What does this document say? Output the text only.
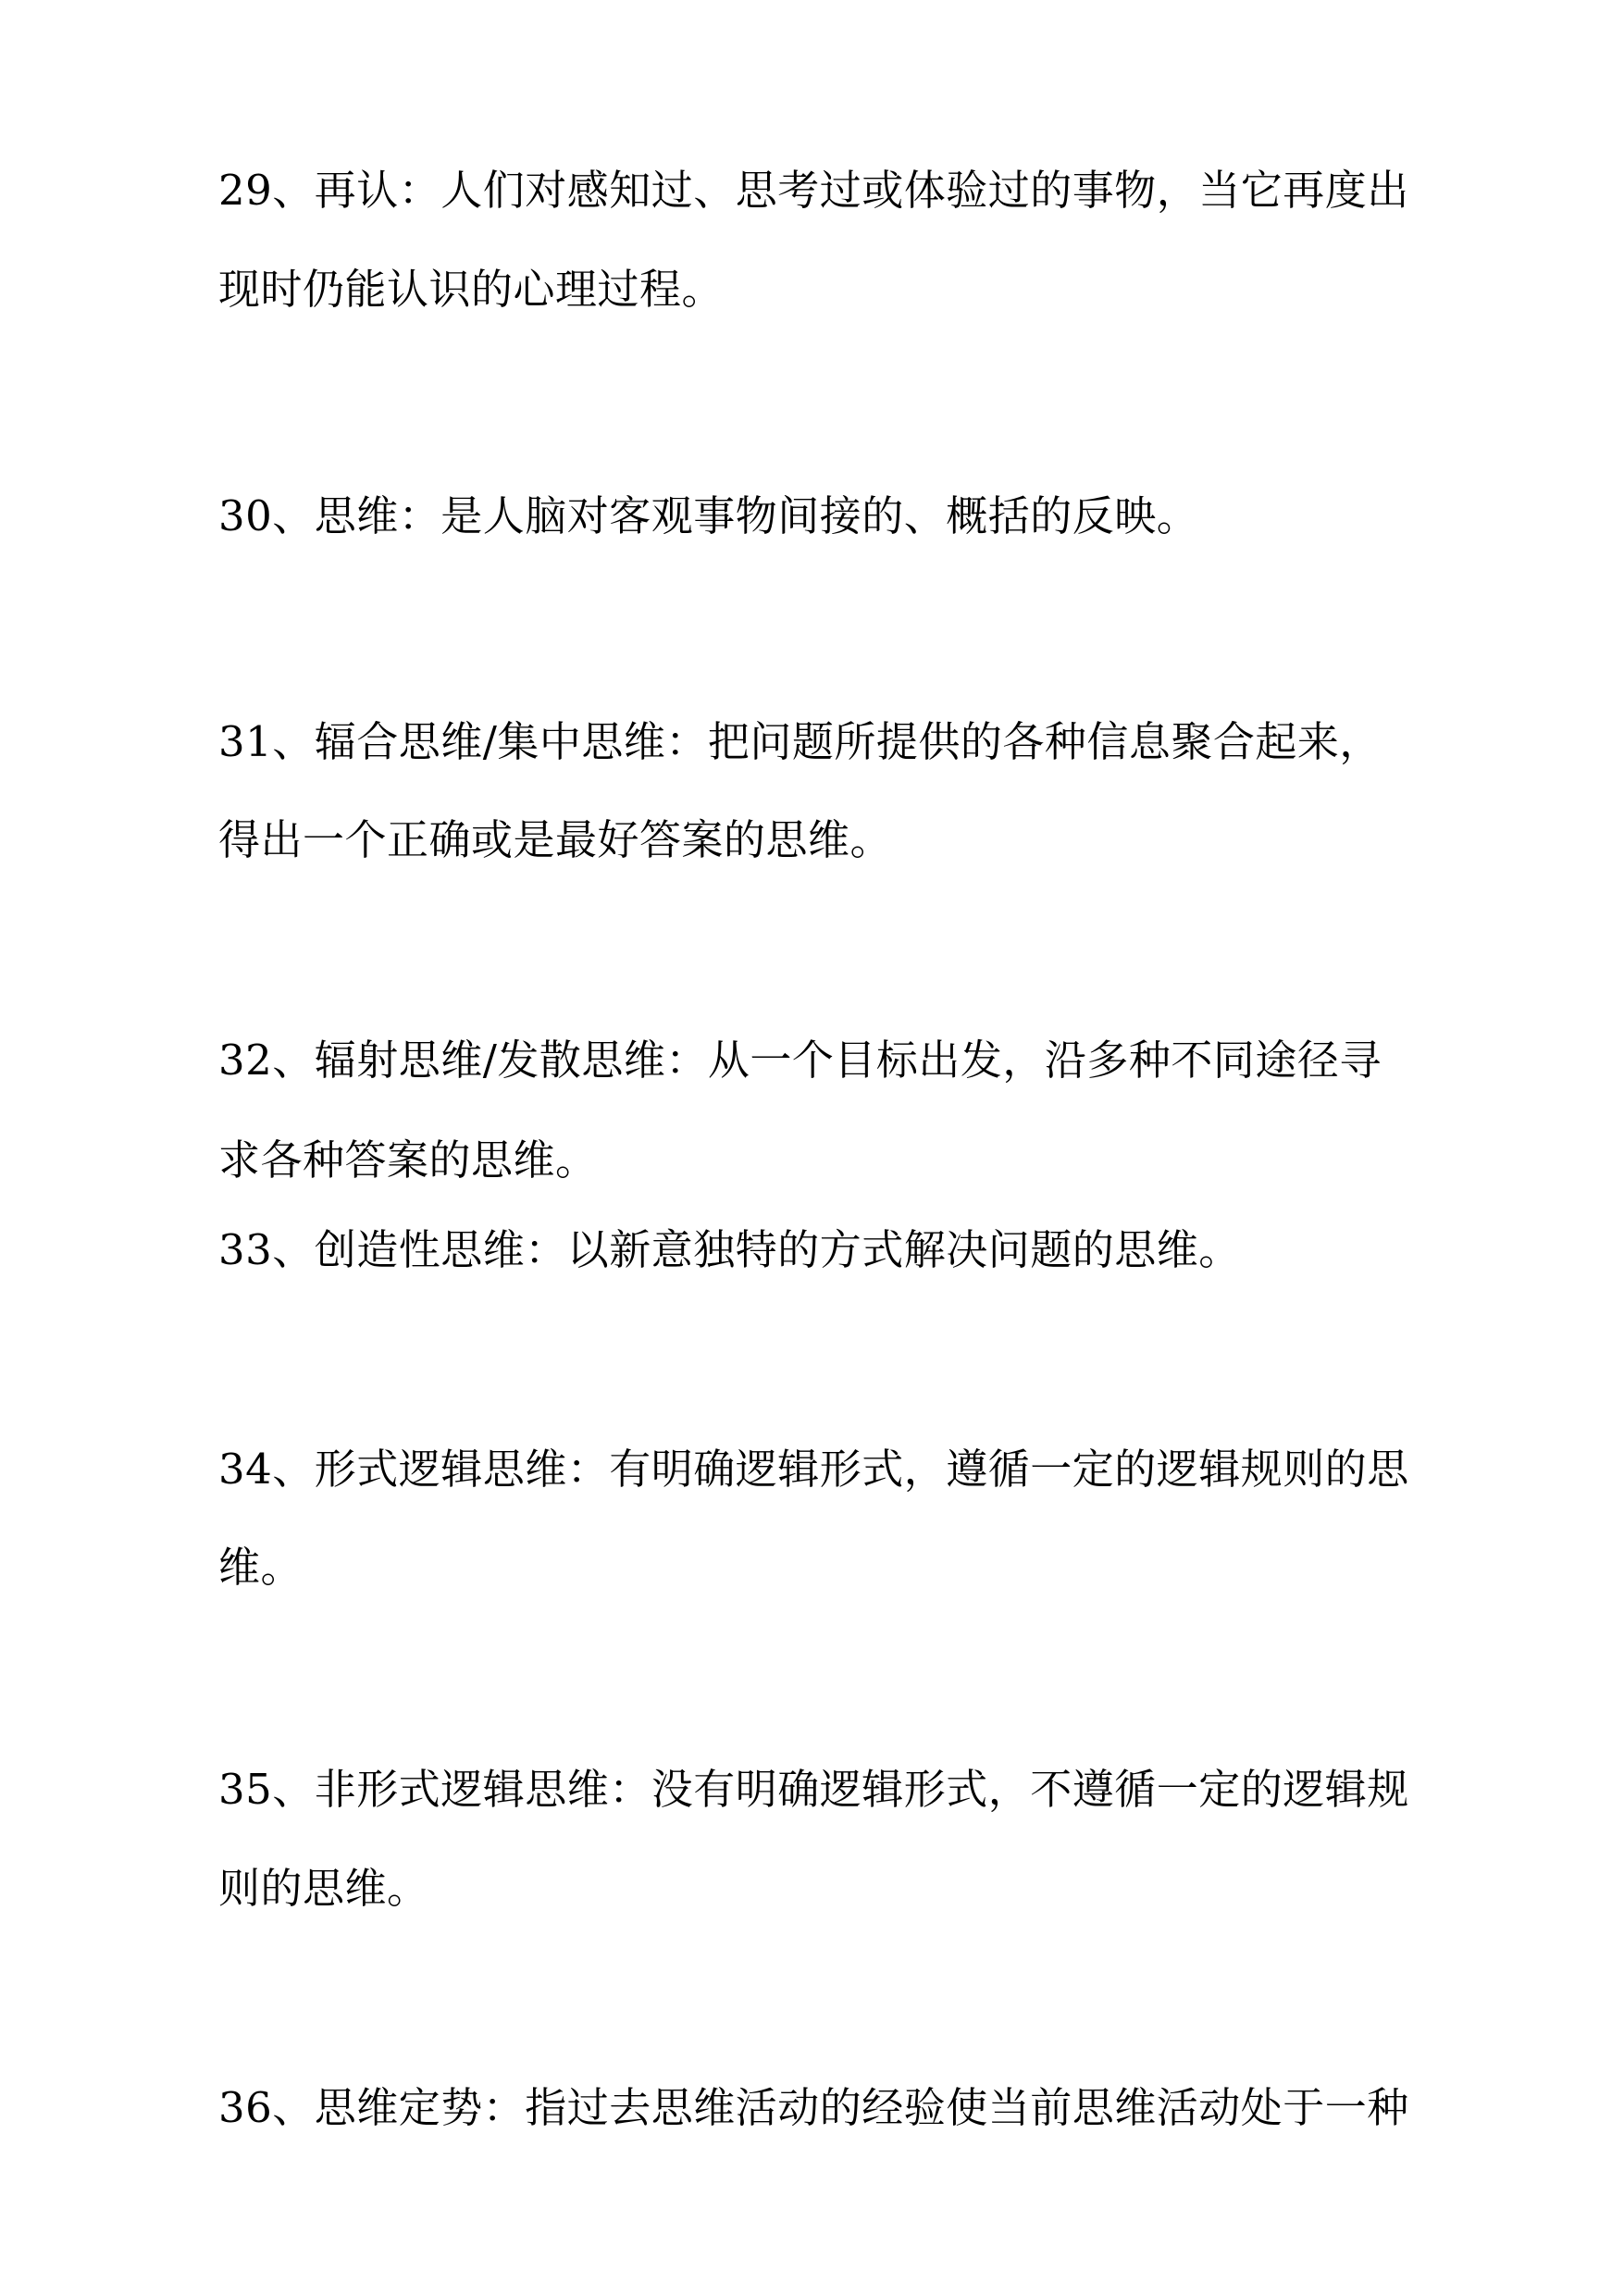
29、再认：人们对感知过、思考过或体验过的事物，当它再度出
现时仍能认识的心理过程。
30、思维：是人脑对客观事物间接的、概括的反映。
31、辐合思维/集中思维：把问题所提供的各种信息聚合起来，
得出一个正确或是最好答案的思维。
32、辐射思维/发散思维：从一个目标出发，沿多种不同途径寻
求各种答案的思维。
33、创造性思维：以新意独特的方式解决问题的思维。
34、形式逻辑思维：有明确逻辑形式，遵循一定的逻辑规则的思
维。
35、非形式逻辑思维：没有明确逻辑形式，不遵循一定的逻辑规
则的思维。
36、思维定势：指过去思维活动的经验使当前思维活动处于一种
